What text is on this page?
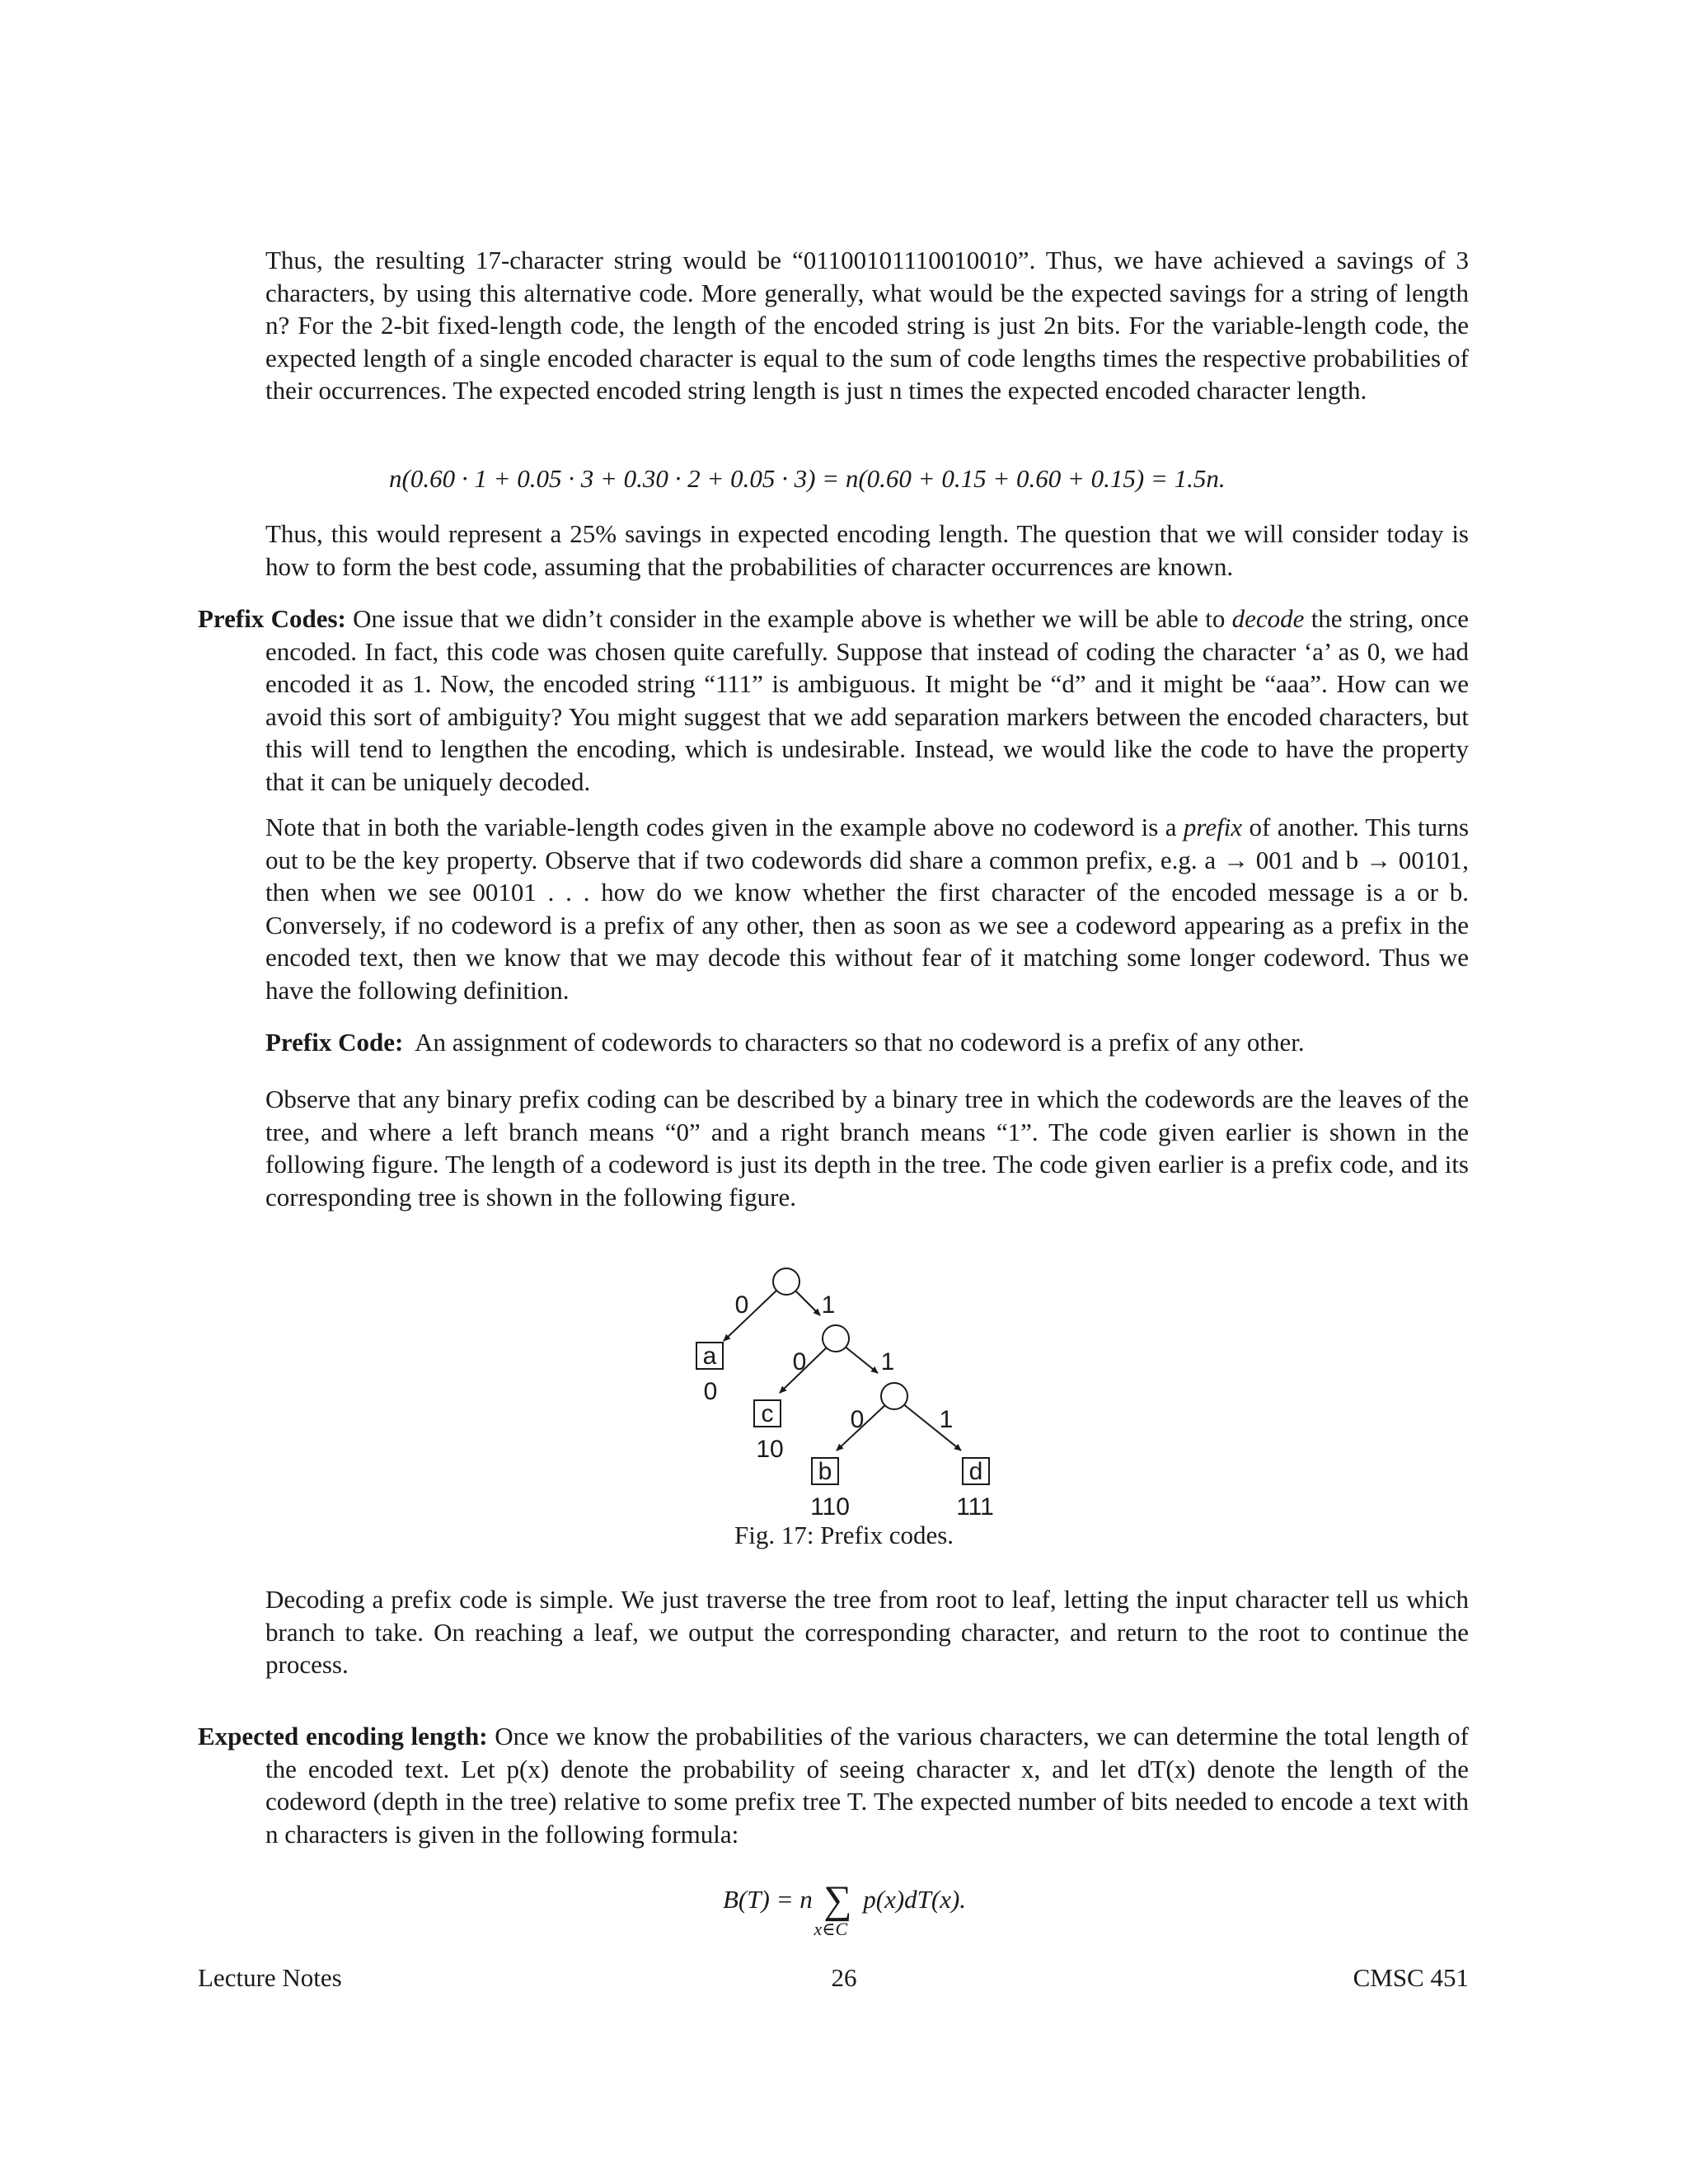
Thus, the resulting 17-character string would be “01100101110010010”. Thus, we have achieved a savings of 3 characters, by using this alternative code. More generally, what would be the expected savings for a string of length n? For the 2-bit fixed-length code, the length of the encoded string is just 2n bits. For the variable-length code, the expected length of a single encoded character is equal to the sum of code lengths times the respective probabilities of their occurrences. The expected encoded string length is just n times the expected encoded character length.

n(0.60 · 1 + 0.05 · 3 + 0.30 · 2 + 0.05 · 3) = n(0.60 + 0.15 + 0.60 + 0.15) = 1.5n.

Thus, this would represent a 25% savings in expected encoding length. The question that we will consider today is how to form the best code, assuming that the probabilities of character occurrences are known.

Prefix Codes: One issue that we didn’t consider in the example above is whether we will be able to decode the string, once encoded. In fact, this code was chosen quite carefully. Suppose that instead of coding the character ‘a’ as 0, we had encoded it as 1. Now, the encoded string “111” is ambiguous. It might be “d” and it might be “aaa”. How can we avoid this sort of ambiguity? You might suggest that we add separation markers between the encoded characters, but this will tend to lengthen the encoding, which is undesirable. Instead, we would like the code to have the property that it can be uniquely decoded.

Note that in both the variable-length codes given in the example above no codeword is a prefix of another. This turns out to be the key property. Observe that if two codewords did share a common prefix, e.g. a → 001 and b → 00101, then when we see 00101 . . . how do we know whether the first character of the encoded message is a or b. Conversely, if no codeword is a prefix of any other, then as soon as we see a codeword appearing as a prefix in the encoded text, then we know that we may decode this without fear of it matching some longer codeword. Thus we have the following definition.

Prefix Code: An assignment of codewords to characters so that no codeword is a prefix of any other.

Observe that any binary prefix coding can be described by a binary tree in which the codewords are the leaves of the tree, and where a left branch means “0” and a right branch means “1”. The code given earlier is shown in the following figure. The length of a codeword is just its depth in the tree. The code given earlier is a prefix code, and its corresponding tree is shown in the following figure.

0	1
0	1
0	1
a
0
c
10
b
110
d
111
Fig. 17: Prefix codes.

Decoding a prefix code is simple. We just traverse the tree from root to leaf, letting the input character tell us which branch to take. On reaching a leaf, we output the corresponding character, and return to the root to continue the process.

Expected encoding length: Once we know the probabilities of the various characters, we can determine the total length of the encoded text. Let p(x) denote the probability of seeing character x, and let dT(x) denote the length of the codeword (depth in the tree) relative to some prefix tree T. The expected number of bits needed to encode a text with n characters is given in the following formula:

B(T) = n ∑
x∈C
p(x)dT(x).
Lecture Notes	26	CMSC 451
